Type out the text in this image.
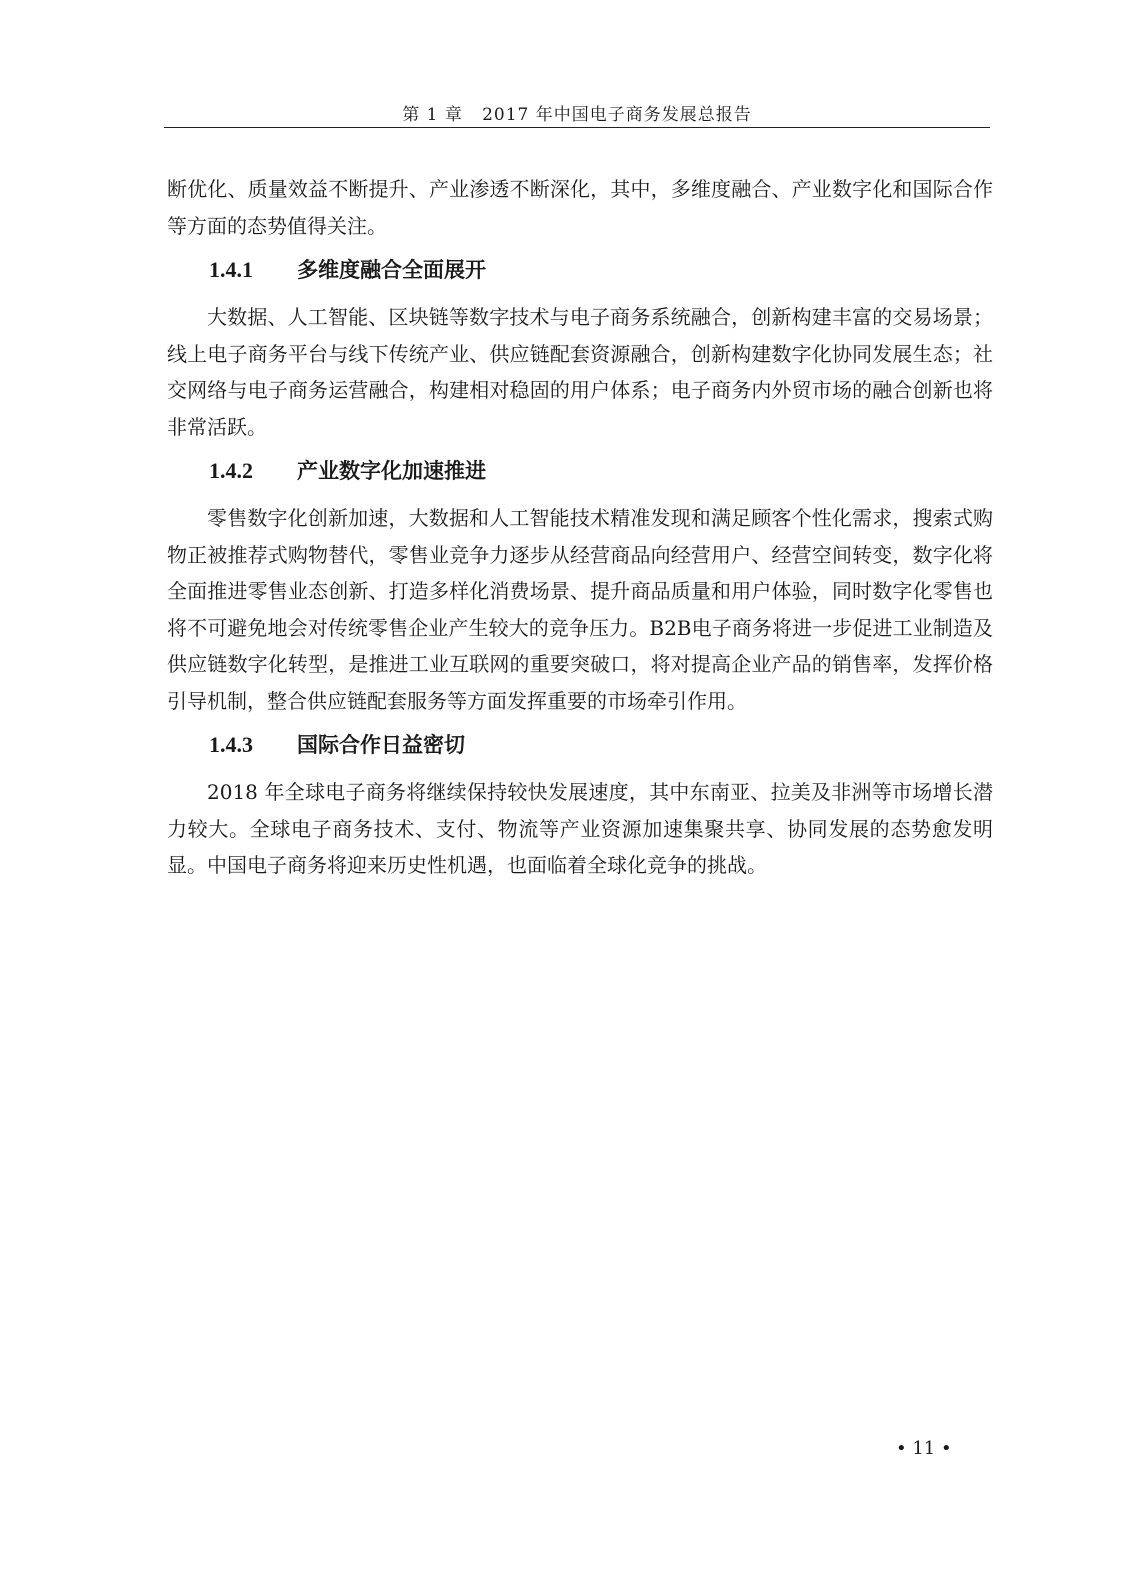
第 1 章   2017 年中国电子商务发展总报告

断优化、质量效益不断提升、产业渗透不断深化，其中，多维度融合、产业数字化和国际合作等方面的态势值得关注。

1.4.1 多维度融合全面展开

大数据、人工智能、区块链等数字技术与电子商务系统融合，创新构建丰富的交易场景；线上电子商务平台与线下传统产业、供应链配套资源融合，创新构建数字化协同发展生态；社交网络与电子商务运营融合，构建相对稳固的用户体系；电子商务内外贸市场的融合创新也将非常活跃。

1.4.2 产业数字化加速推进

零售数字化创新加速，大数据和人工智能技术精准发现和满足顾客个性化需求，搜索式购物正被推荐式购物替代，零售业竞争力逐步从经营商品向经营用户、经营空间转变，数字化将全面推进零售业态创新、打造多样化消费场景、提升商品质量和用户体验，同时数字化零售也将不可避免地会对传统零售企业产生较大的竞争压力。B2B电子商务将进一步促进工业制造及供应链数字化转型，是推进工业互联网的重要突破口，将对提高企业产品的销售率，发挥价格引导机制，整合供应链配套服务等方面发挥重要的市场牵引作用。

1.4.3 国际合作日益密切

2018 年全球电子商务将继续保持较快发展速度，其中东南亚、拉美及非洲等市场增长潜力较大。全球电子商务技术、支付、物流等产业资源加速集聚共享、协同发展的态势愈发明显。中国电子商务将迎来历史性机遇，也面临着全球化竞争的挑战。

• 11 •
